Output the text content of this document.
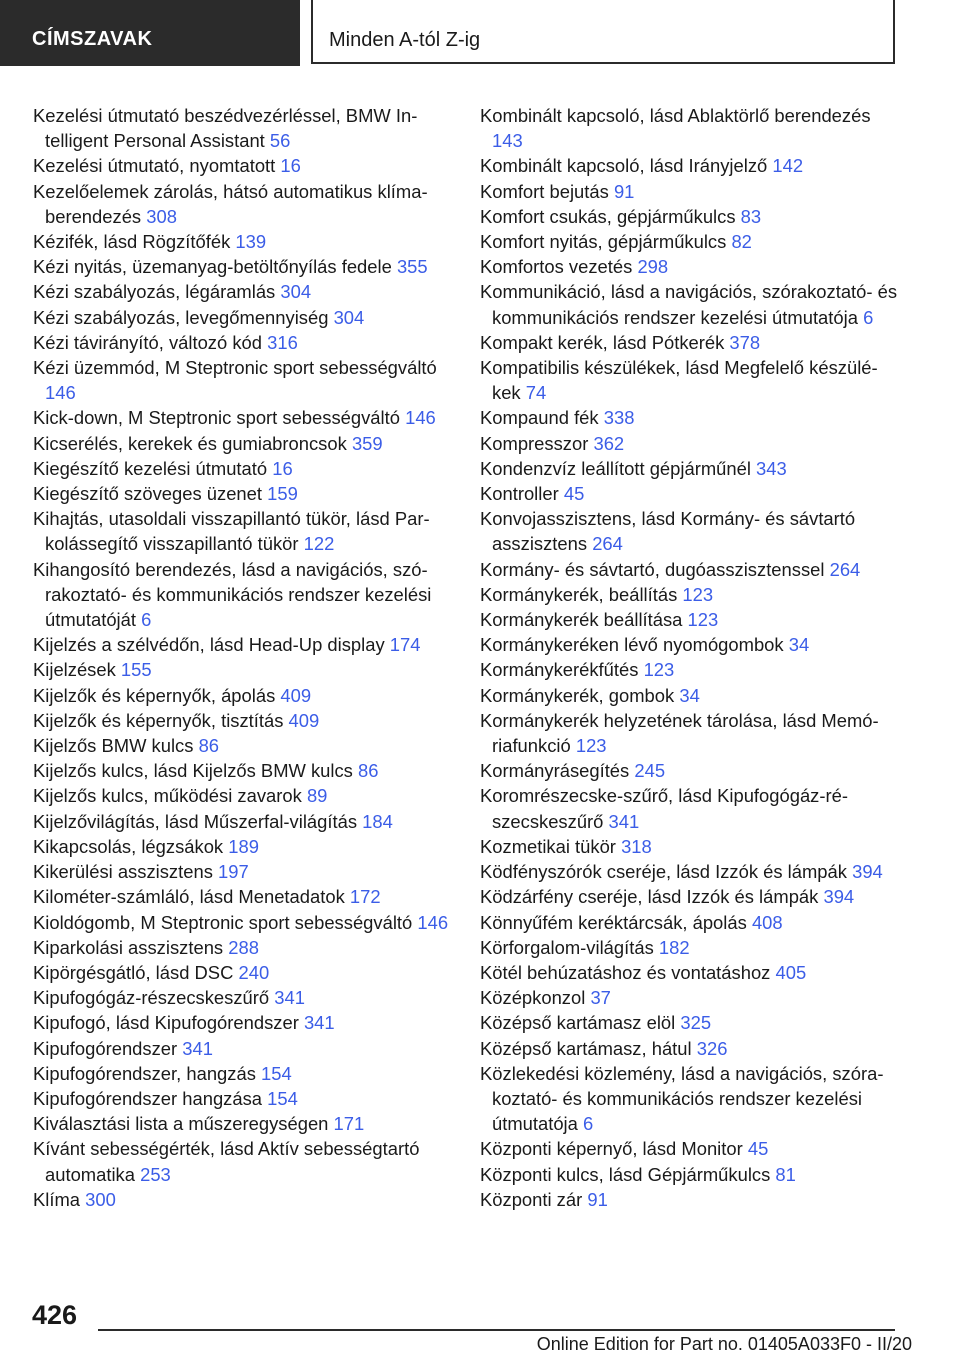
CÍMSZAVAK	Minden A-tól Z-ig

Kezelési útmutató beszédvezérléssel, BMW Intelligent Personal Assistant 56

Kezelési útmutató, nyomtatott 16

Kezelőelemek zárolás, hátsó automatikus klímaberendezés 308

Kézifék, lásd Rögzítőfék 139

Kézi nyitás, üzemanyag-betöltőnyílás fedele 355

Kézi szabályozás, légáramlás 304

Kézi szabályozás, levegőmennyiség 304

Kézi távirányító, változó kód 316

Kézi üzemmód, M Steptronic sport sebességváltó 146

Kick-down, M Steptronic sport sebességváltó 146

Kicserélés, kerekek és gumiabroncsok 359

Kiegészítő kezelési útmutató 16

Kiegészítő szöveges üzenet 159

Kihajtás, utasoldali visszapillantó tükör, lásd Parkolássegítő visszapillantó tükör 122

Kihangosító berendezés, lásd a navigációs, szórakoztató- és kommunikációs rendszer kezelési útmutatóját 6

Kijelzés a szélvédőn, lásd Head-Up display 174

Kijelzések 155

Kijelzők és képernyők, ápolás 409

Kijelzők és képernyők, tisztítás 409

Kijelzős BMW kulcs 86

Kijelzős kulcs, lásd Kijelzős BMW kulcs 86

Kijelzős kulcs, működési zavarok 89

Kijelzővilágítás, lásd Műszerfal-világítás 184

Kikapcsolás, légzsákok 189

Kikerülési asszisztens 197

Kilométer-számláló, lásd Menetadatok 172

Kioldógomb, M Steptronic sport sebességváltó 146

Kiparkolási asszisztens 288

Kipörgésgátló, lásd DSC 240

Kipufogógáz-részecskeszűrő 341

Kipufogó, lásd Kipufogórendszer 341

Kipufogórendszer 341

Kipufogórendszer, hangzás 154

Kipufogórendszer hangzása 154

Kiválasztási lista a műszeregységen 171

Kívánt sebességérték, lásd Aktív sebességtartó automatika 253

Klíma 300

Kombinált kapcsoló, lásd Ablaktörlő berendezés 143

Kombinált kapcsoló, lásd Irányjelző 142

Komfort bejutás 91

Komfort csukás, gépjárműkulcs 83

Komfort nyitás, gépjárműkulcs 82

Komfortos vezetés 298

Kommunikáció, lásd a navigációs, szórakoztató- és kommunikációs rendszer kezelési útmutatója 6

Kompakt kerék, lásd Pótkerék 378

Kompatibilis készülékek, lásd Megfelelő készülékek 74

Kompaund fék 338

Kompresszor 362

Kondenzvíz leállított gépjárműnél 343

Kontroller 45

Konvojasszisztens, lásd Kormány- és sávtartó asszisztens 264

Kormány- és sávtartó, dugóasszisztenssel 264

Kormánykerék, beállítás 123

Kormánykerék beállítása 123

Kormánykeréken lévő nyomógombok 34

Kormánykerékfűtés 123

Kormánykerék, gombok 34

Kormánykerék helyzetének tárolása, lásd Memóriafunkció 123

Kormányrásegítés 245

Koromrészecske-szűrő, lásd Kipufogógáz-részecskeszűrő 341

Kozmetikai tükör 318

Ködfényszórók cseréje, lásd Izzók és lámpák 394

Ködzárfény cseréje, lásd Izzók és lámpák 394

Könnyűfém keréktárcsák, ápolás 408

Körforgalom-világítás 182

Kötél behúzatáshoz és vontatáshoz 405

Középkonzol 37

Középső kartámasz elöl 325

Középső kartámasz, hátul 326

Közlekedési közlemény, lásd a navigációs, szórakoztató- és kommunikációs rendszer kezelési útmutatója 6

Központi képernyő, lásd Monitor 45

Központi kulcs, lásd Gépjárműkulcs 81

Központi zár 91

426
Online Edition for Part no. 01405A033F0 - II/20
